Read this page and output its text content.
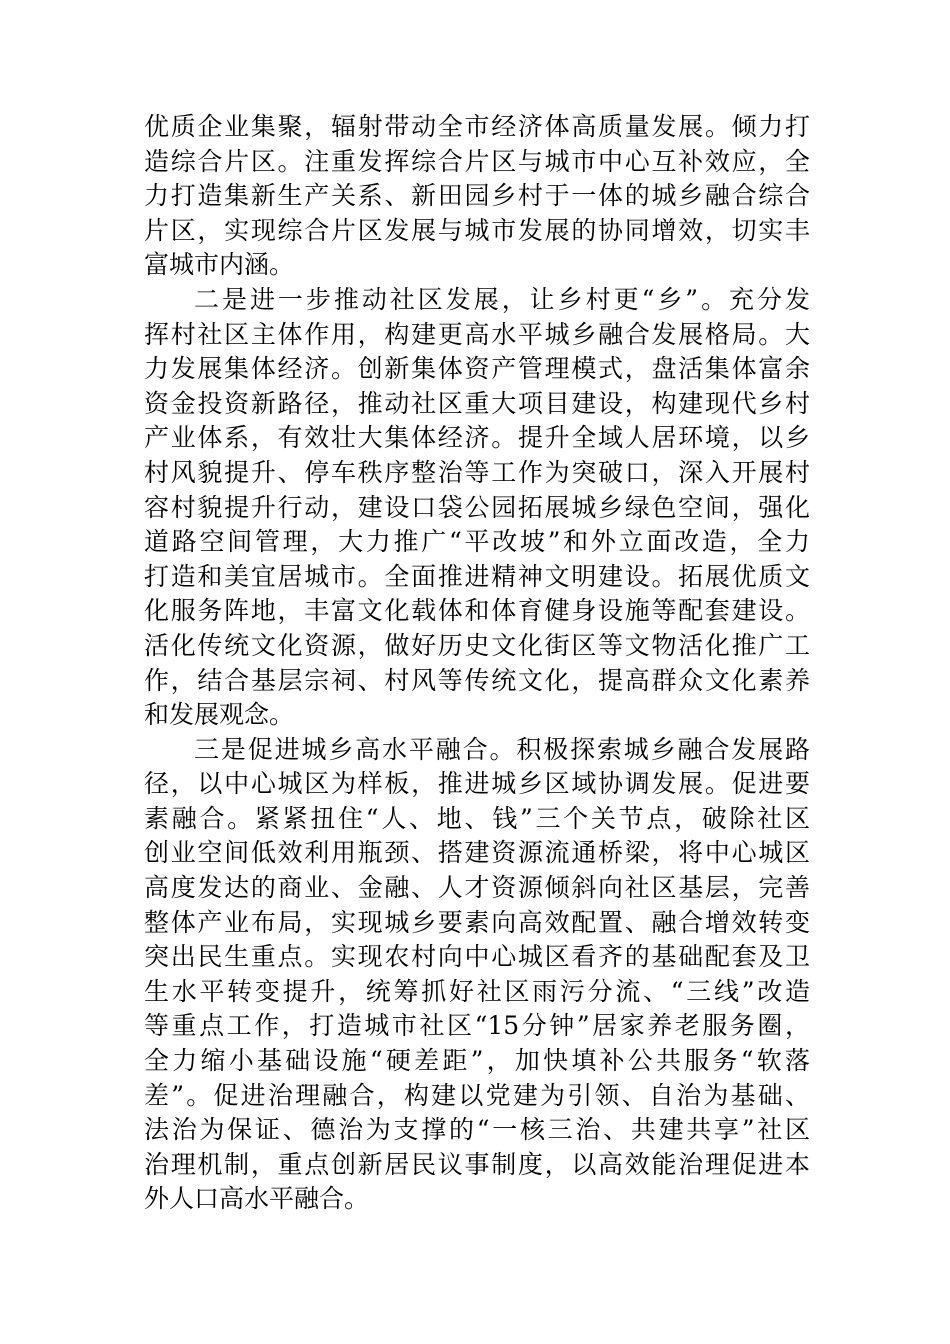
优质企业集聚，辐射带动全市经济体高质量发展。倾力打
造综合片区。注重发挥综合片区与城市中心互补效应，全
力打造集新生产关系、新田园乡村于一体的城乡融合综合
片区，实现综合片区发展与城市发展的协同增效，切实丰
富城市内涵。
二是进一步推动社区发展，让乡村更“乡”。充分发
挥村社区主体作用，构建更高水平城乡融合发展格局。大
力发展集体经济。创新集体资产管理模式，盘活集体富余
资金投资新路径，推动社区重大项目建设，构建现代乡村
产业体系，有效壮大集体经济。提升全域人居环境，以乡
村风貌提升、停车秩序整治等工作为突破口，深入开展村
容村貌提升行动，建设口袋公园拓展城乡绿色空间，强化
道路空间管理，大力推广“平改坡”和外立面改造，全力
打造和美宜居城市。全面推进精神文明建设。拓展优质文
化服务阵地，丰富文化载体和体育健身设施等配套建设。
活化传统文化资源，做好历史文化街区等文物活化推广工
作，结合基层宗祠、村风等传统文化，提高群众文化素养
和发展观念。
三是促进城乡高水平融合。积极探索城乡融合发展路
径，以中心城区为样板，推进城乡区域协调发展。促进要
素融合。紧紧扭住“人、地、钱”三个关节点，破除社区
创业空间低效利用瓶颈、搭建资源流通桥梁，将中心城区
高度发达的商业、金融、人才资源倾斜向社区基层，完善
整体产业布局，实现城乡要素向高效配置、融合增效转变
突出民生重点。实现农村向中心城区看齐的基础配套及卫
生水平转变提升，统筹抓好社区雨污分流、“三线”改造
等重点工作，打造城市社区“15分钟”居家养老服务圈，
全力缩小基础设施“硬差距”，加快填补公共服务“软落
差”。促进治理融合，构建以党建为引领、自治为基础、
法治为保证、德治为支撑的“一核三治、共建共享”社区
治理机制，重点创新居民议事制度，以高效能治理促进本
外人口高水平融合。
